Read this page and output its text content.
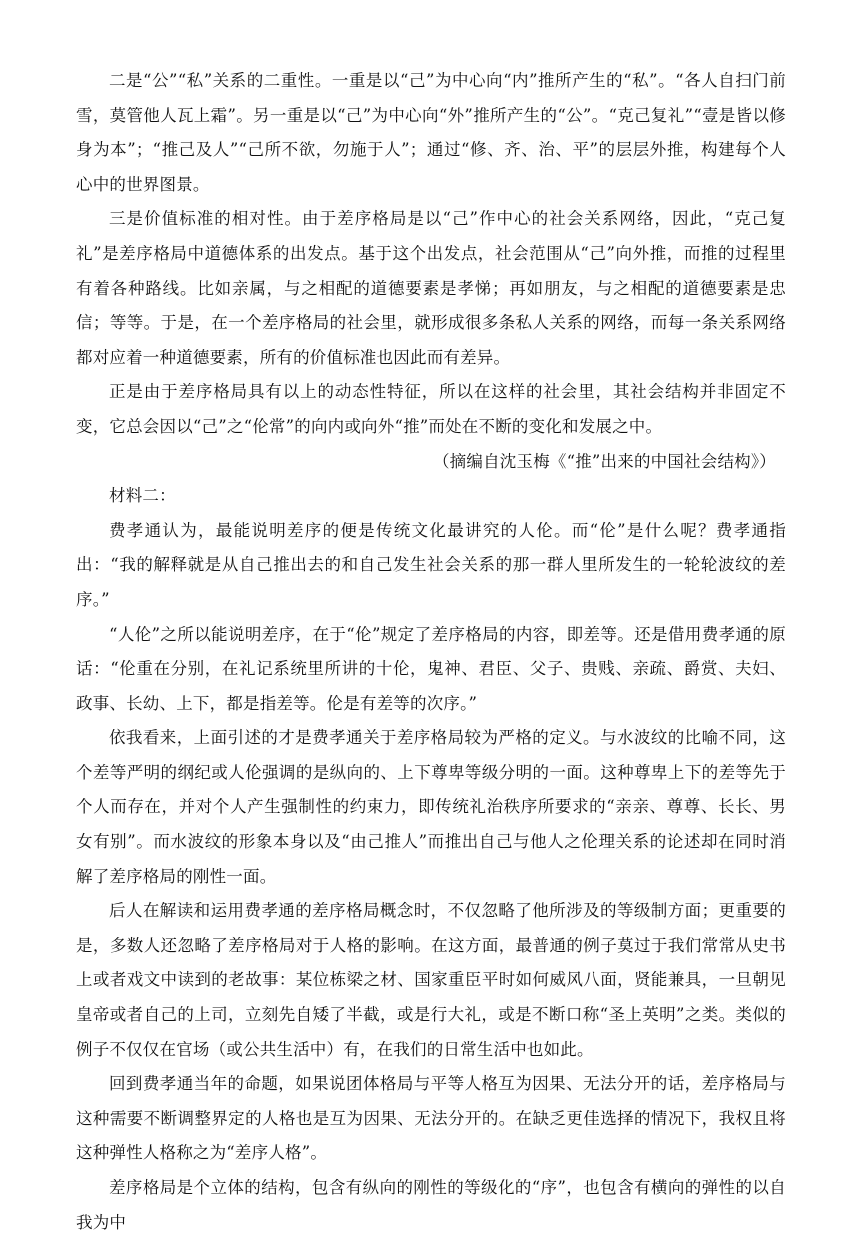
二是“公”“私”关系的二重性。一重是以“己”为中心向“内”推所产生的“私”。“各人自扫门前雪，莫管他人瓦上霜”。另一重是以“己”为中心向“外”推所产生的“公”。“克己复礼”“壹是皆以修身为本”；“推己及人”“己所不欲，勿施于人”；通过“修、齐、治、平”的层层外推，构建每个人心中的世界图景。

三是价值标准的相对性。由于差序格局是以“己”作中心的社会关系网络，因此，“克己复礼”是差序格局中道德体系的出发点。基于这个出发点，社会范围从“己”向外推，而推的过程里有着各种路线。比如亲属，与之相配的道德要素是孝悌；再如朋友，与之相配的道德要素是忠信；等等。于是，在一个差序格局的社会里，就形成很多条私人关系的网络，而每一条关系网络都对应着一种道德要素，所有的价值标准也因此而有差异。

正是由于差序格局具有以上的动态性特征，所以在这样的社会里，其社会结构并非固定不变，它总会因以“己”之“伦常”的向内或向外“推”而处在不断的变化和发展之中。

（摘编自沈玉梅《“推”出来的中国社会结构》）

材料二：

费孝通认为，最能说明差序的便是传统文化最讲究的人伦。而“伦”是什么呢？费孝通指出：“我的解释就是从自己推出去的和自己发生社会关系的那一群人里所发生的一轮轮波纹的差序。”

“人伦”之所以能说明差序，在于“伦”规定了差序格局的内容，即差等。还是借用费孝通的原话：“伦重在分别，在礼记系统里所讲的十伦，鬼神、君臣、父子、贵贱、亲疏、爵赏、夫妇、政事、长幼、上下，都是指差等。伦是有差等的次序。”

依我看来，上面引述的才是费孝通关于差序格局较为严格的定义。与水波纹的比喻不同，这个差等严明的纲纪或人伦强调的是纵向的、上下尊卑等级分明的一面。这种尊卑上下的差等先于个人而存在，并对个人产生强制性的约束力，即传统礼治秩序所要求的“亲亲、尊尊、长长、男女有别”。而水波纹的形象本身以及“由己推人”而推出自己与他人之伦理关系的论述却在同时消解了差序格局的刚性一面。

后人在解读和运用费孝通的差序格局概念时，不仅忽略了他所涉及的等级制方面；更重要的是，多数人还忽略了差序格局对于人格的影响。在这方面，最普通的例子莫过于我们常常从史书上或者戏文中读到的老故事：某位栋梁之材、国家重臣平时如何威风八面，贤能兼具，一旦朝见皇帝或者自己的上司，立刻先自矮了半截，或是行大礼，或是不断口称“圣上英明”之类。类似的例子不仅仅在官场（或公共生活中）有，在我们的日常生活中也如此。

回到费孝通当年的命题，如果说团体格局与平等人格互为因果、无法分开的话，差序格局与这种需要不断调整界定的人格也是互为因果、无法分开的。在缺乏更佳选择的情况下，我权且将这种弹性人格称之为“差序人格”。

差序格局是个立体的结构，包含有纵向的刚性的等级化的“序”，也包含有横向的弹性的以自我为中
